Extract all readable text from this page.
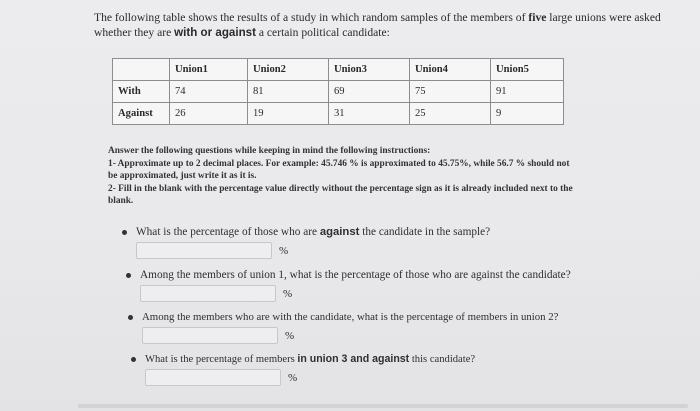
The following table shows the results of a study in which random samples of the members of five large unions were asked whether they are with or against a certain political candidate:
	Union1	Union2	Union3	Union4	Union5
With	74	81	69	75	91
Against	26	19	31	25	9
Answer the following questions while keeping in mind the following instructions:
1- Approximate up to 2 decimal places. For example: 45.746 % is approximated to 45.75%, while 56.7 % should not
be approximated, just write it as it is.
2- Fill in the blank with the percentage value directly without the percentage sign as it is already included next to the
blank.
What is the percentage of those who are against the candidate in the sample?
%
Among the members of union 1, what is the percentage of those who are against the candidate?
%
Among the members who are with the candidate, what is the percentage of members in union 2?
%
What is the percentage of members in union 3 and against this candidate?
%
